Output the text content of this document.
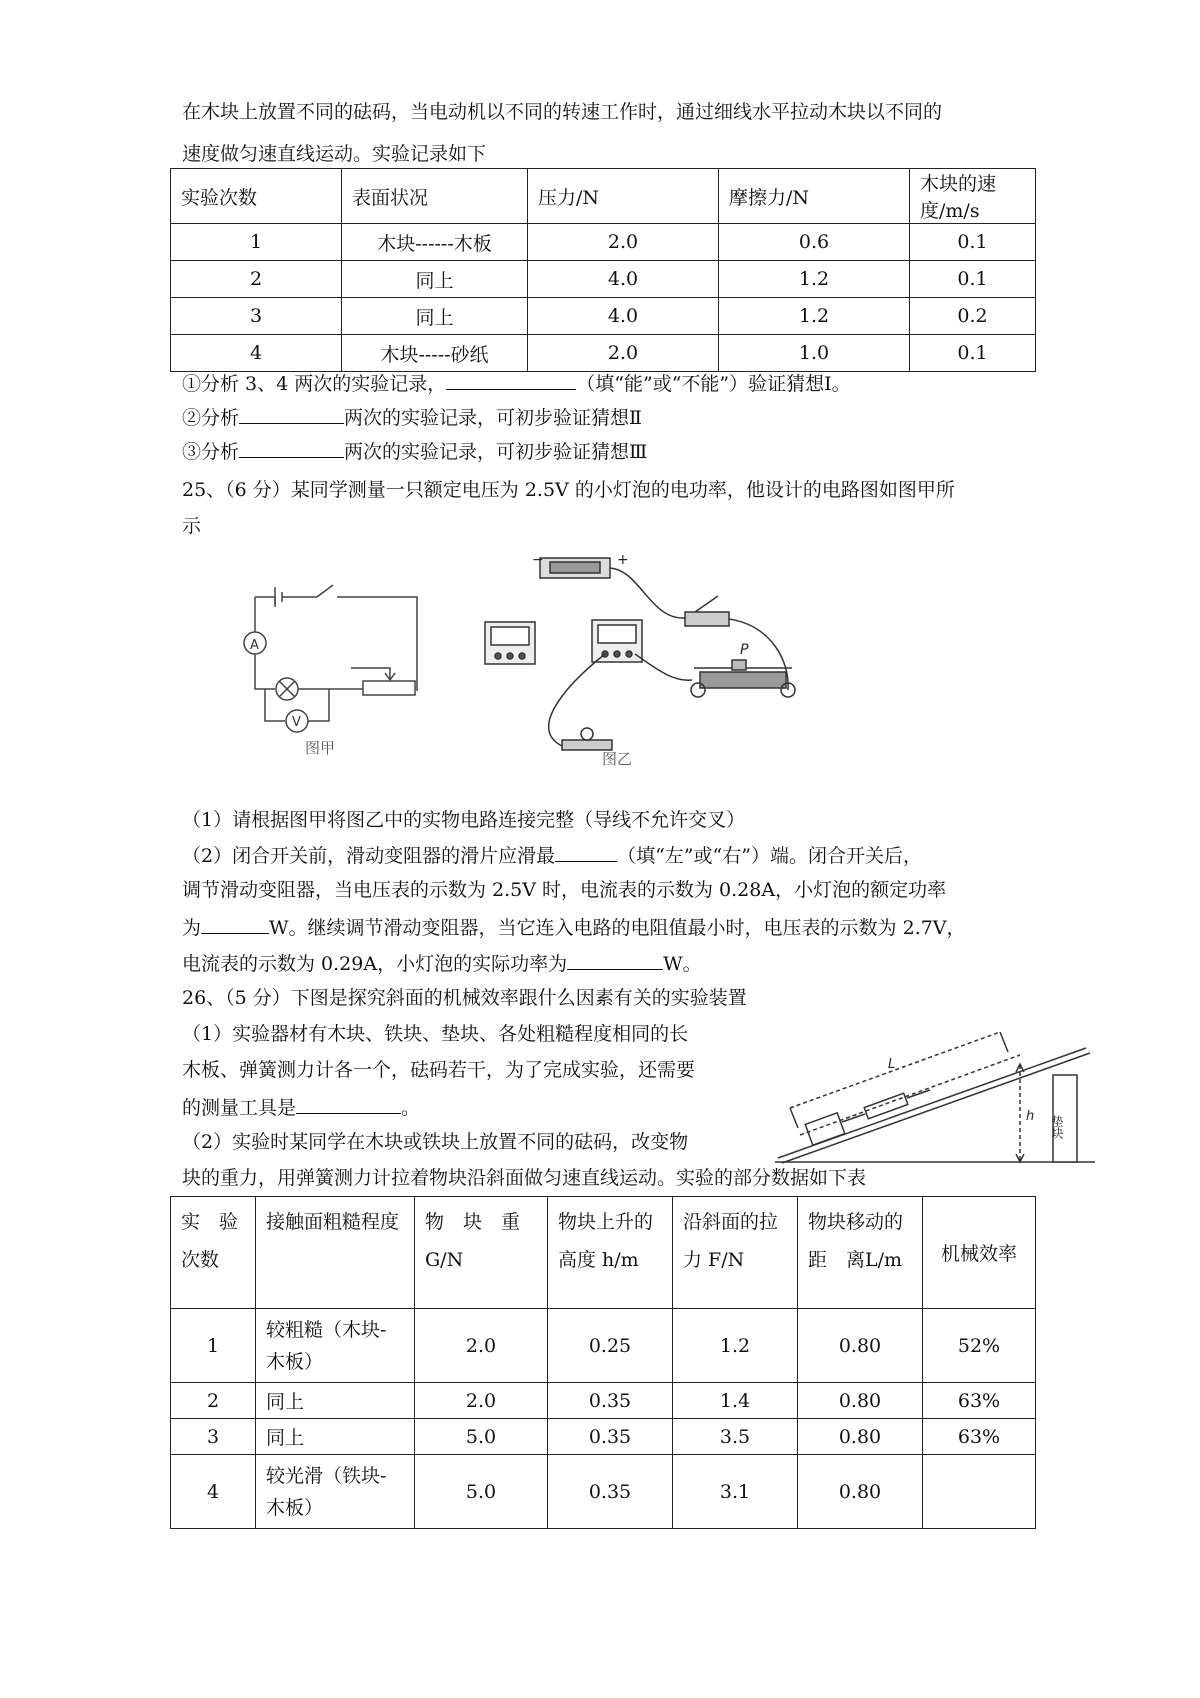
在木块上放置不同的砝码，当电动机以不同的转速工作时，通过细线水平拉动木块以不同的
速度做匀速直线运动。实验记录如下
实验次数	表面状况	压力/N	摩擦力/N	木块的速度/m/s
1	木块------木板	2.0	0.6	0.1
2	同上	4.0	1.2	0.1
3	同上	4.0	1.2	0.2
4	木块-----砂纸	2.0	1.0	0.1
①分析 3、4 两次的实验记录，	（填“能”或“不能”）验证猜想Ⅰ。
②分析	两次的实验记录，可初步验证猜想Ⅱ
③分析	两次的实验记录，可初步验证猜想Ⅲ
25、（6 分）某同学测量一只额定电压为 2.5V 的小灯泡的电功率，他设计的电路图如图甲所
示
A
V
图甲
−	+
P
图乙
（1）请根据图甲将图乙中的实物电路连接完整（导线不允许交叉）
（2）闭合开关前，滑动变阻器的滑片应滑最	（填“左”或“右”）端。闭合开关后，
调节滑动变阻器，当电压表的示数为 2.5V 时，电流表的示数为 0.28A，小灯泡的额定功率
为	W。继续调节滑动变阻器，当它连入电路的电阻值最小时，电压表的示数为 2.7V，
电流表的示数为 0.29A，小灯泡的实际功率为	W。
26、（5 分）下图是探究斜面的机械效率跟什么因素有关的实验装置
（1）实验器材有木块、铁块、垫块、各处粗糙程度相同的长
木板、弹簧测力计各一个，砝码若干，为了完成实验，还需要
的测量工具是	。
（2）实验时某同学在木块或铁块上放置不同的砝码，改变物
块的重力，用弹簧测力计拉着物块沿斜面做匀速直线运动。实验的部分数据如下表
L
h 垫块
实　验次数	接触面粗糙程度	物　块　重G/N	物块上升的高度 h/m	沿斜面的拉力 F/N	物块移动的　距　离L/m	机械效率
1	较粗糙（木块-木板）	2.0	0.25	1.2	0.80	52%
2	同上	2.0	0.35	1.4	0.80	63%
3	同上	5.0	0.35	3.5	0.80	63%
4	较光滑（铁块-木板）	5.0	0.35	3.1	0.80	
